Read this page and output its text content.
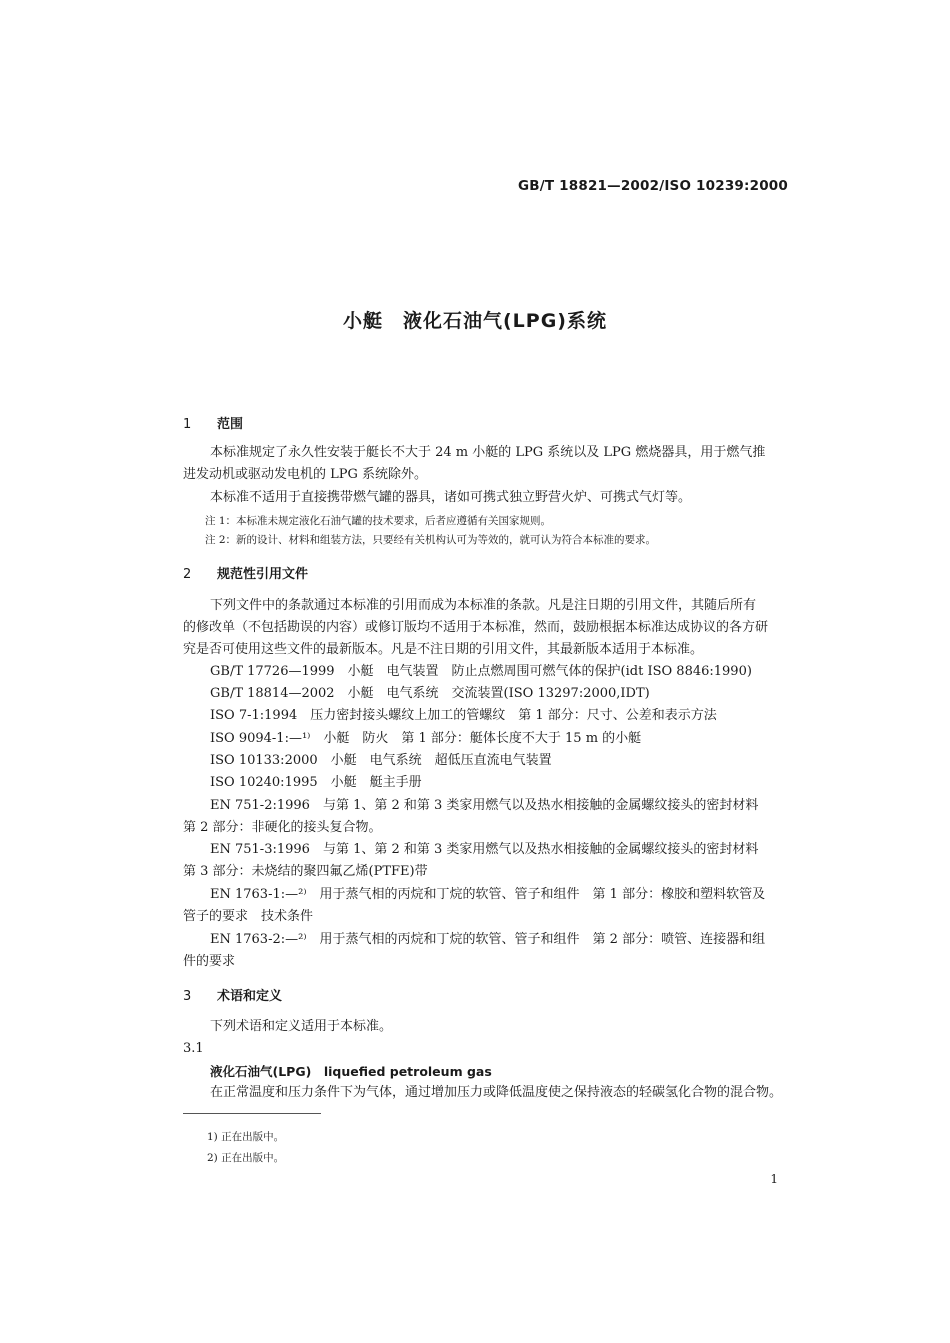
GB/T 18821—2002/ISO 10239:2000
小艇　液化石油气(LPG)系统
1 范围
本标准规定了永久性安装于艇长不大于 24 m 小艇的 LPG 系统以及 LPG 燃烧器具，用于燃气推
进发动机或驱动发电机的 LPG 系统除外。
本标准不适用于直接携带燃气罐的器具，诸如可携式独立野营火炉、可携式气灯等。
注 1：本标准未规定液化石油气罐的技术要求，后者应遵循有关国家规则。
注 2：新的设计、材料和组装方法，只要经有关机构认可为等效的，就可认为符合本标准的要求。
2 规范性引用文件
下列文件中的条款通过本标准的引用而成为本标准的条款。凡是注日期的引用文件，其随后所有
的修改单（不包括勘误的内容）或修订版均不适用于本标准，然而，鼓励根据本标准达成协议的各方研
究是否可使用这些文件的最新版本。凡是不注日期的引用文件，其最新版本适用于本标准。
GB/T 17726—1999　小艇　电气装置　防止点燃周围可燃气体的保护(idt ISO 8846:1990)
GB/T 18814—2002　小艇　电气系统　交流装置(ISO 13297:2000,IDT)
ISO 7-1:1994　压力密封接头螺纹上加工的管螺纹　第 1 部分：尺寸、公差和表示方法
ISO 9094-1:—¹⁾　小艇　防火　第 1 部分：艇体长度不大于 15 m 的小艇
ISO 10133:2000　小艇　电气系统　超低压直流电气装置
ISO 10240:1995　小艇　艇主手册
EN 751-2:1996　与第 1、第 2 和第 3 类家用燃气以及热水相接触的金属螺纹接头的密封材料
第 2 部分：非硬化的接头复合物。
EN 751-3:1996　与第 1、第 2 和第 3 类家用燃气以及热水相接触的金属螺纹接头的密封材料
第 3 部分：未烧结的聚四氟乙烯(PTFE)带
EN 1763-1:—²⁾　用于蒸气相的丙烷和丁烷的软管、管子和组件　第 1 部分：橡胶和塑料软管及
管子的要求　技术条件
EN 1763-2:—²⁾　用于蒸气相的丙烷和丁烷的软管、管子和组件　第 2 部分：喷管、连接器和组
件的要求
3 术语和定义
下列术语和定义适用于本标准。
3.1
液化石油气(LPG)　liquefied petroleum gas
在正常温度和压力条件下为气体，通过增加压力或降低温度使之保持液态的轻碳氢化合物的混合物。
1) 正在出版中。
2) 正在出版中。
1
